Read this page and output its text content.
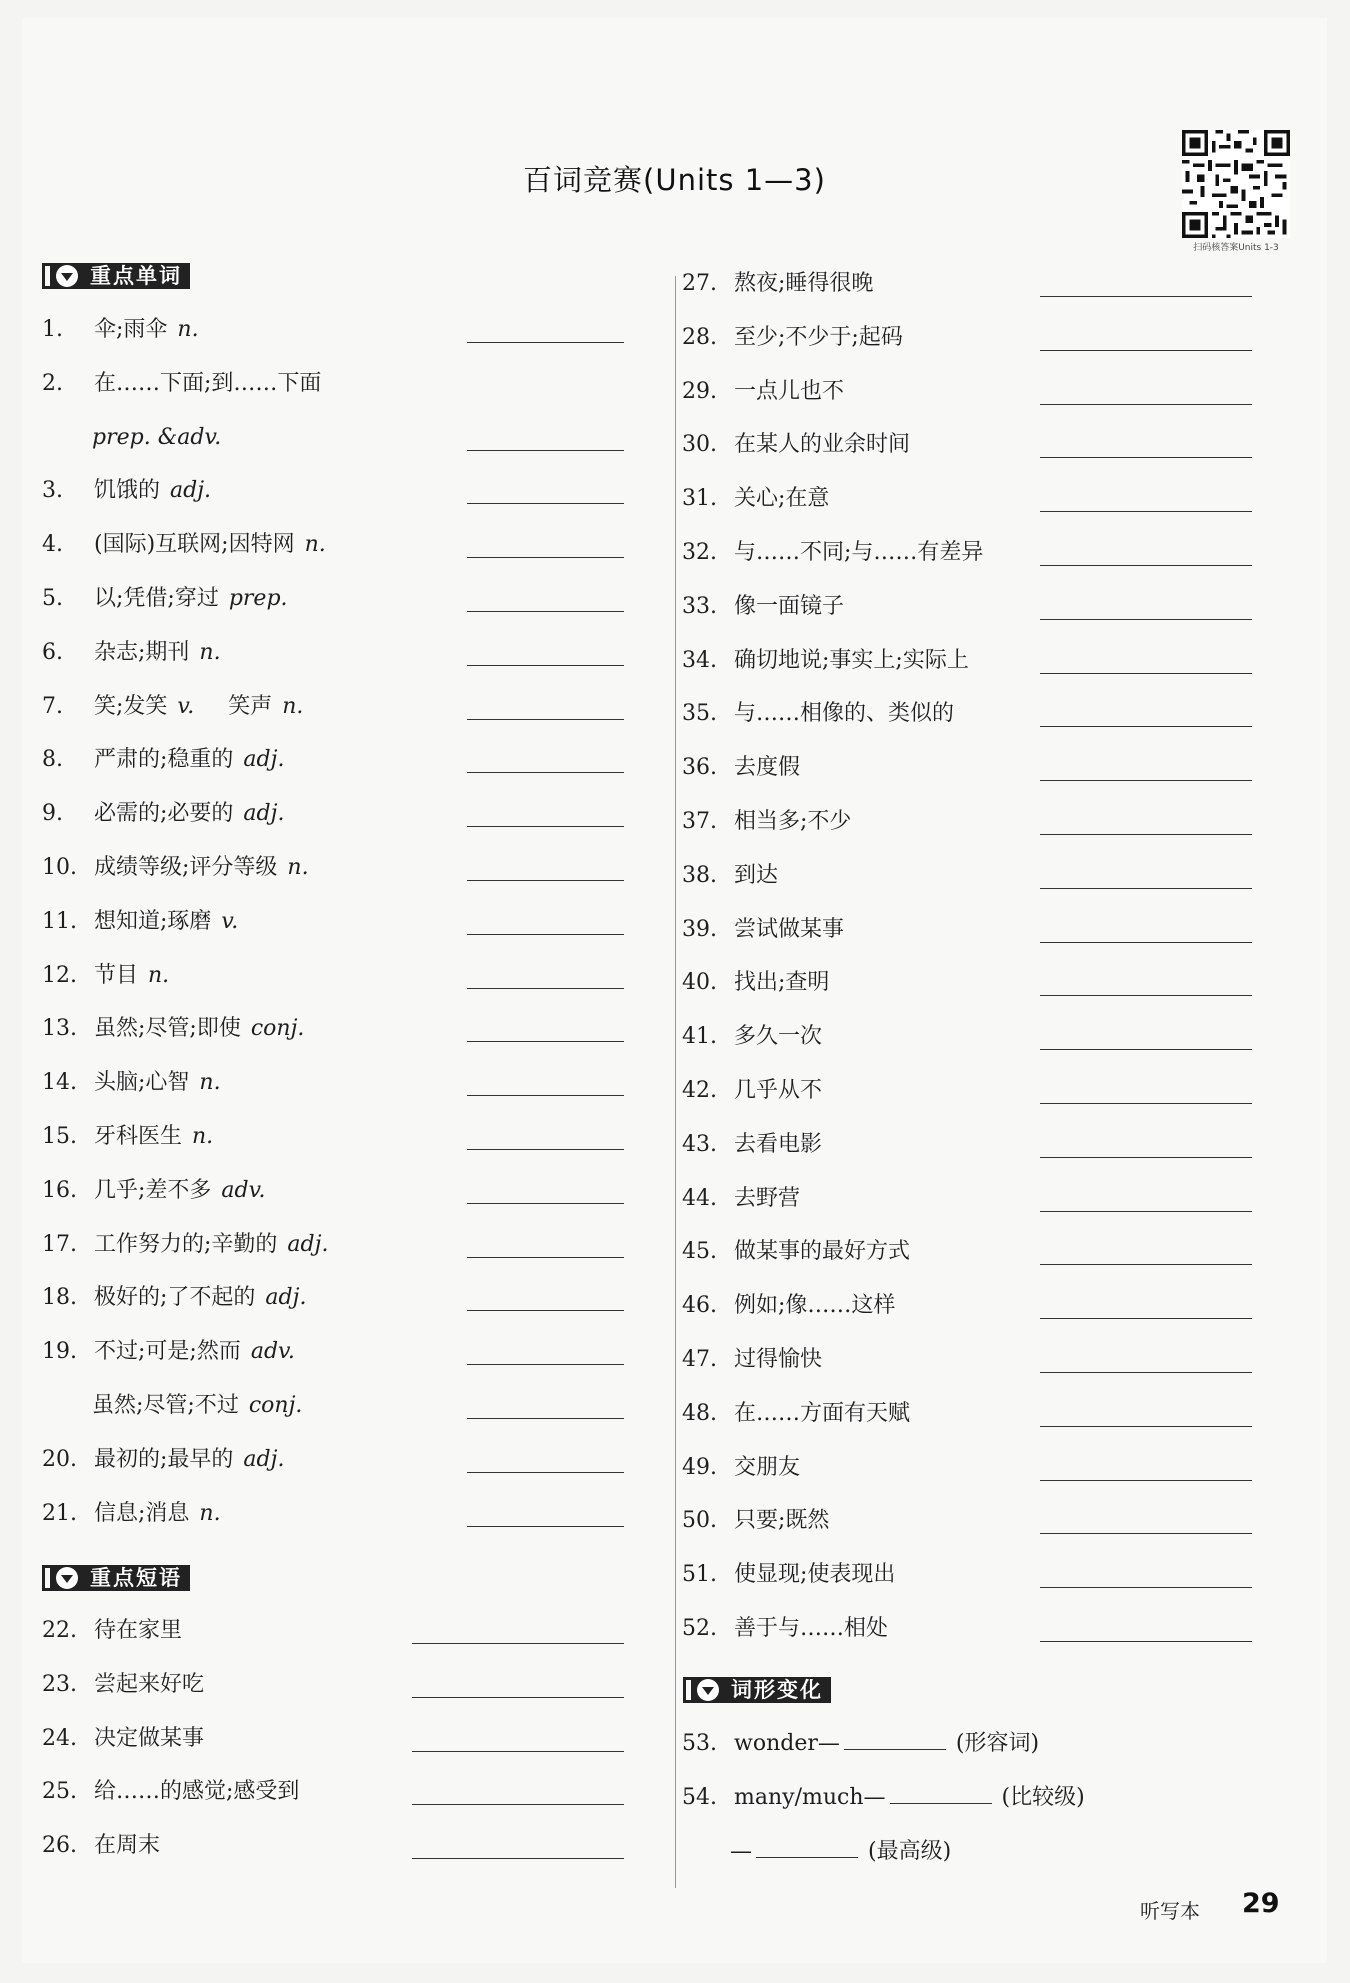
百词竞赛(Units 1—3)
扫码核答案Units 1-3
重点单词
1. 伞;雨伞 n.
2. 在……下面;到……下面
prep. &adv.
3. 饥饿的 adj.
4. (国际)互联网;因特网 n.
5. 以;凭借;穿过 prep.
6. 杂志;期刊 n.
7. 笑;发笑 v. 笑声 n.
8. 严肃的;稳重的 adj.
9. 必需的;必要的 adj.
10. 成绩等级;评分等级 n.
11. 想知道;琢磨 v.
12. 节目 n.
13. 虽然;尽管;即使 conj.
14. 头脑;心智 n.
15. 牙科医生 n.
16. 几乎;差不多 adv.
17. 工作努力的;辛勤的 adj.
18. 极好的;了不起的 adj.
19. 不过;可是;然而 adv.
虽然;尽管;不过 conj.
20. 最初的;最早的 adj.
21. 信息;消息 n.
重点短语
22. 待在家里
23. 尝起来好吃
24. 决定做某事
25. 给……的感觉;感受到
26. 在周末
27. 熬夜;睡得很晚
28. 至少;不少于;起码
29. 一点儿也不
30. 在某人的业余时间
31. 关心;在意
32. 与……不同;与……有差异
33. 像一面镜子
34. 确切地说;事实上;实际上
35. 与……相像的、类似的
36. 去度假
37. 相当多;不少
38. 到达
39. 尝试做某事
40. 找出;查明
41. 多久一次
42. 几乎从不
43. 去看电影
44. 去野营
45. 做某事的最好方式
46. 例如;像……这样
47. 过得愉快
48. 在……方面有天赋
49. 交朋友
50. 只要;既然
51. 使显现;使表现出
52. 善于与……相处
词形变化
53. wonder—	(形容词)
54. many/much—	(比较级)
—	(最高级)
听写本 29
